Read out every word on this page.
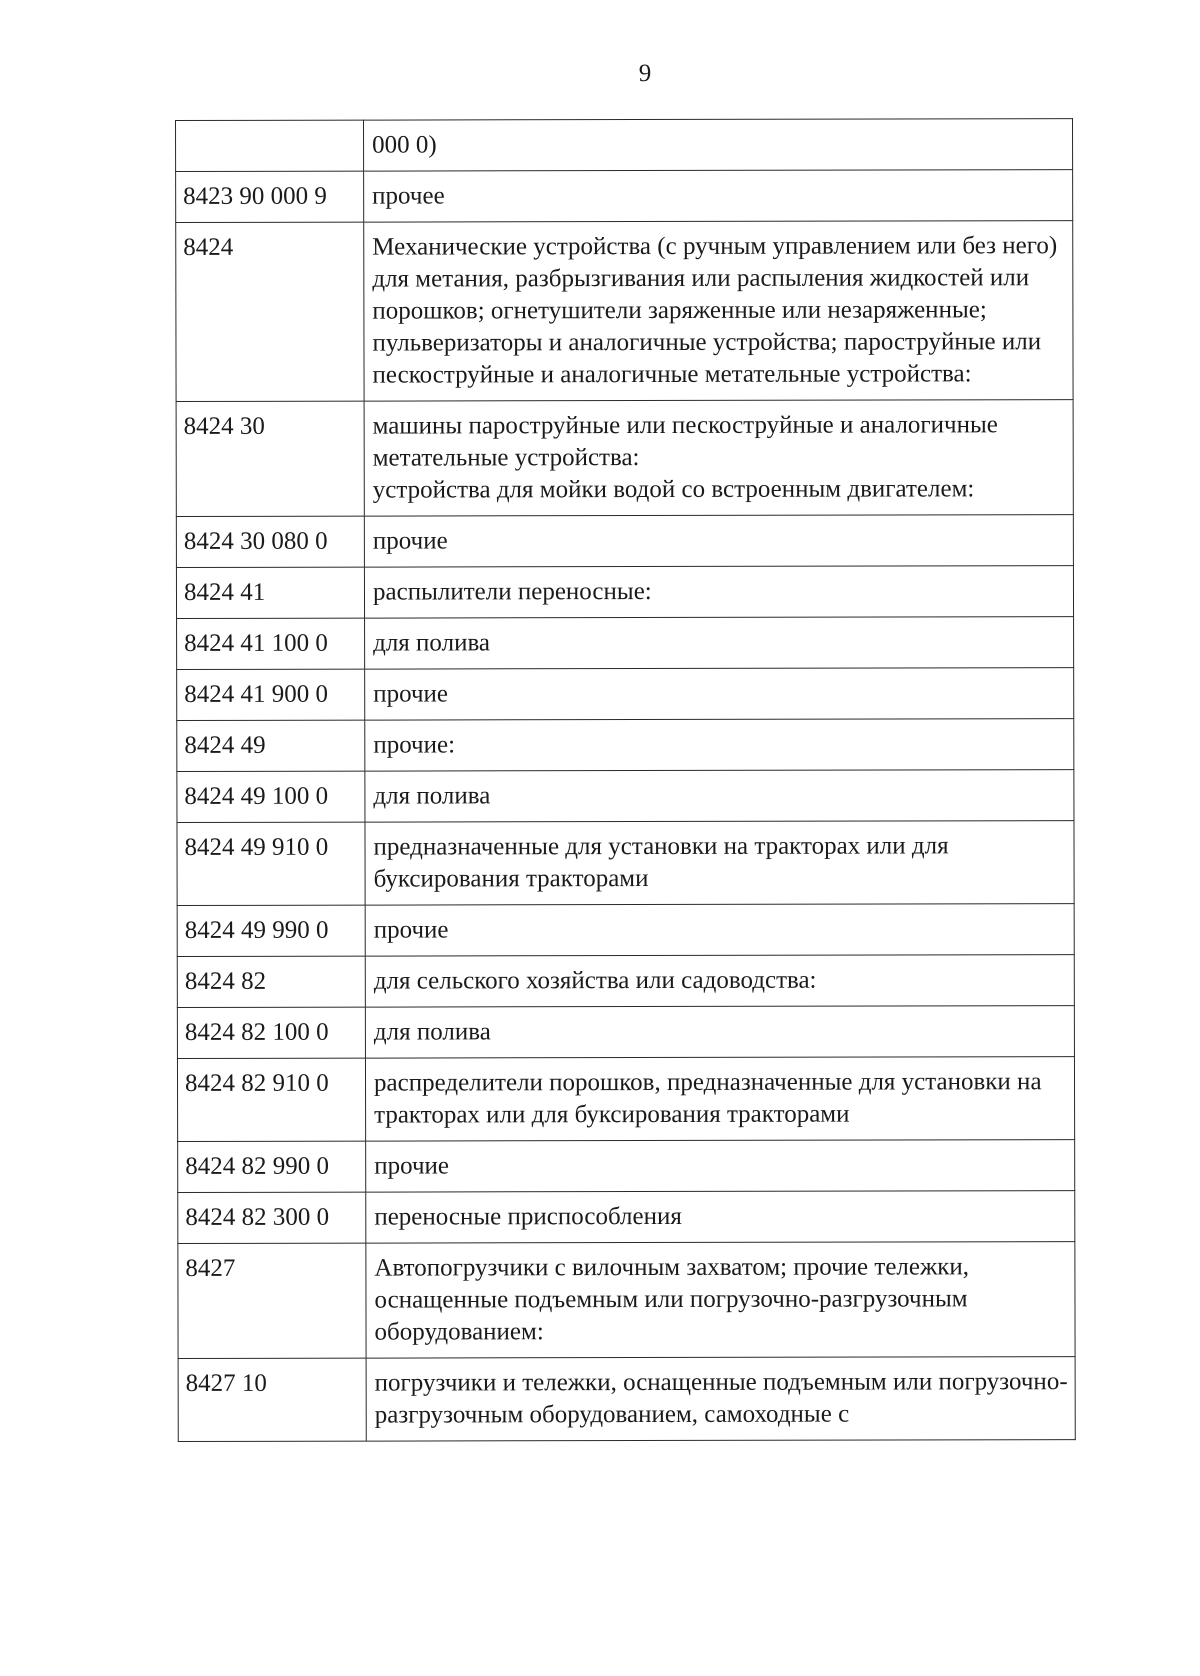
9
	000 0)
8423 90 000 9	прочее
8424	Механические устройства (с ручным управлением или без него) для метания, разбрызгивания или распыления жидкостей или порошков; огнетушители заряженные или незаряженные; пульверизаторы и аналогичные устройства; пароструйные или пескоструйные и аналогичные метательные устройства:
8424 30	машины пароструйные или пескоструйные и аналогичные метательные устройства:
устройства для мойки водой со встроенным двигателем:
8424 30 080 0	прочие
8424 41	распылители переносные:
8424 41 100 0	для полива
8424 41 900 0	прочие
8424 49	прочие:
8424 49 100 0	для полива
8424 49 910 0	предназначенные для установки на тракторах или для буксирования тракторами
8424 49 990 0	прочие
8424 82	для сельского хозяйства или садоводства:
8424 82 100 0	для полива
8424 82 910 0	распределители порошков, предназначенные для установки на тракторах или для буксирования тракторами
8424 82 990 0	прочие
8424 82 300 0	переносные приспособления
8427	Автопогрузчики с вилочным захватом; прочие тележки, оснащенные подъемным или погрузочно-разгрузочным оборудованием:
8427 10	погрузчики и тележки, оснащенные подъемным или погрузочно-разгрузочным оборудованием, самоходные с
